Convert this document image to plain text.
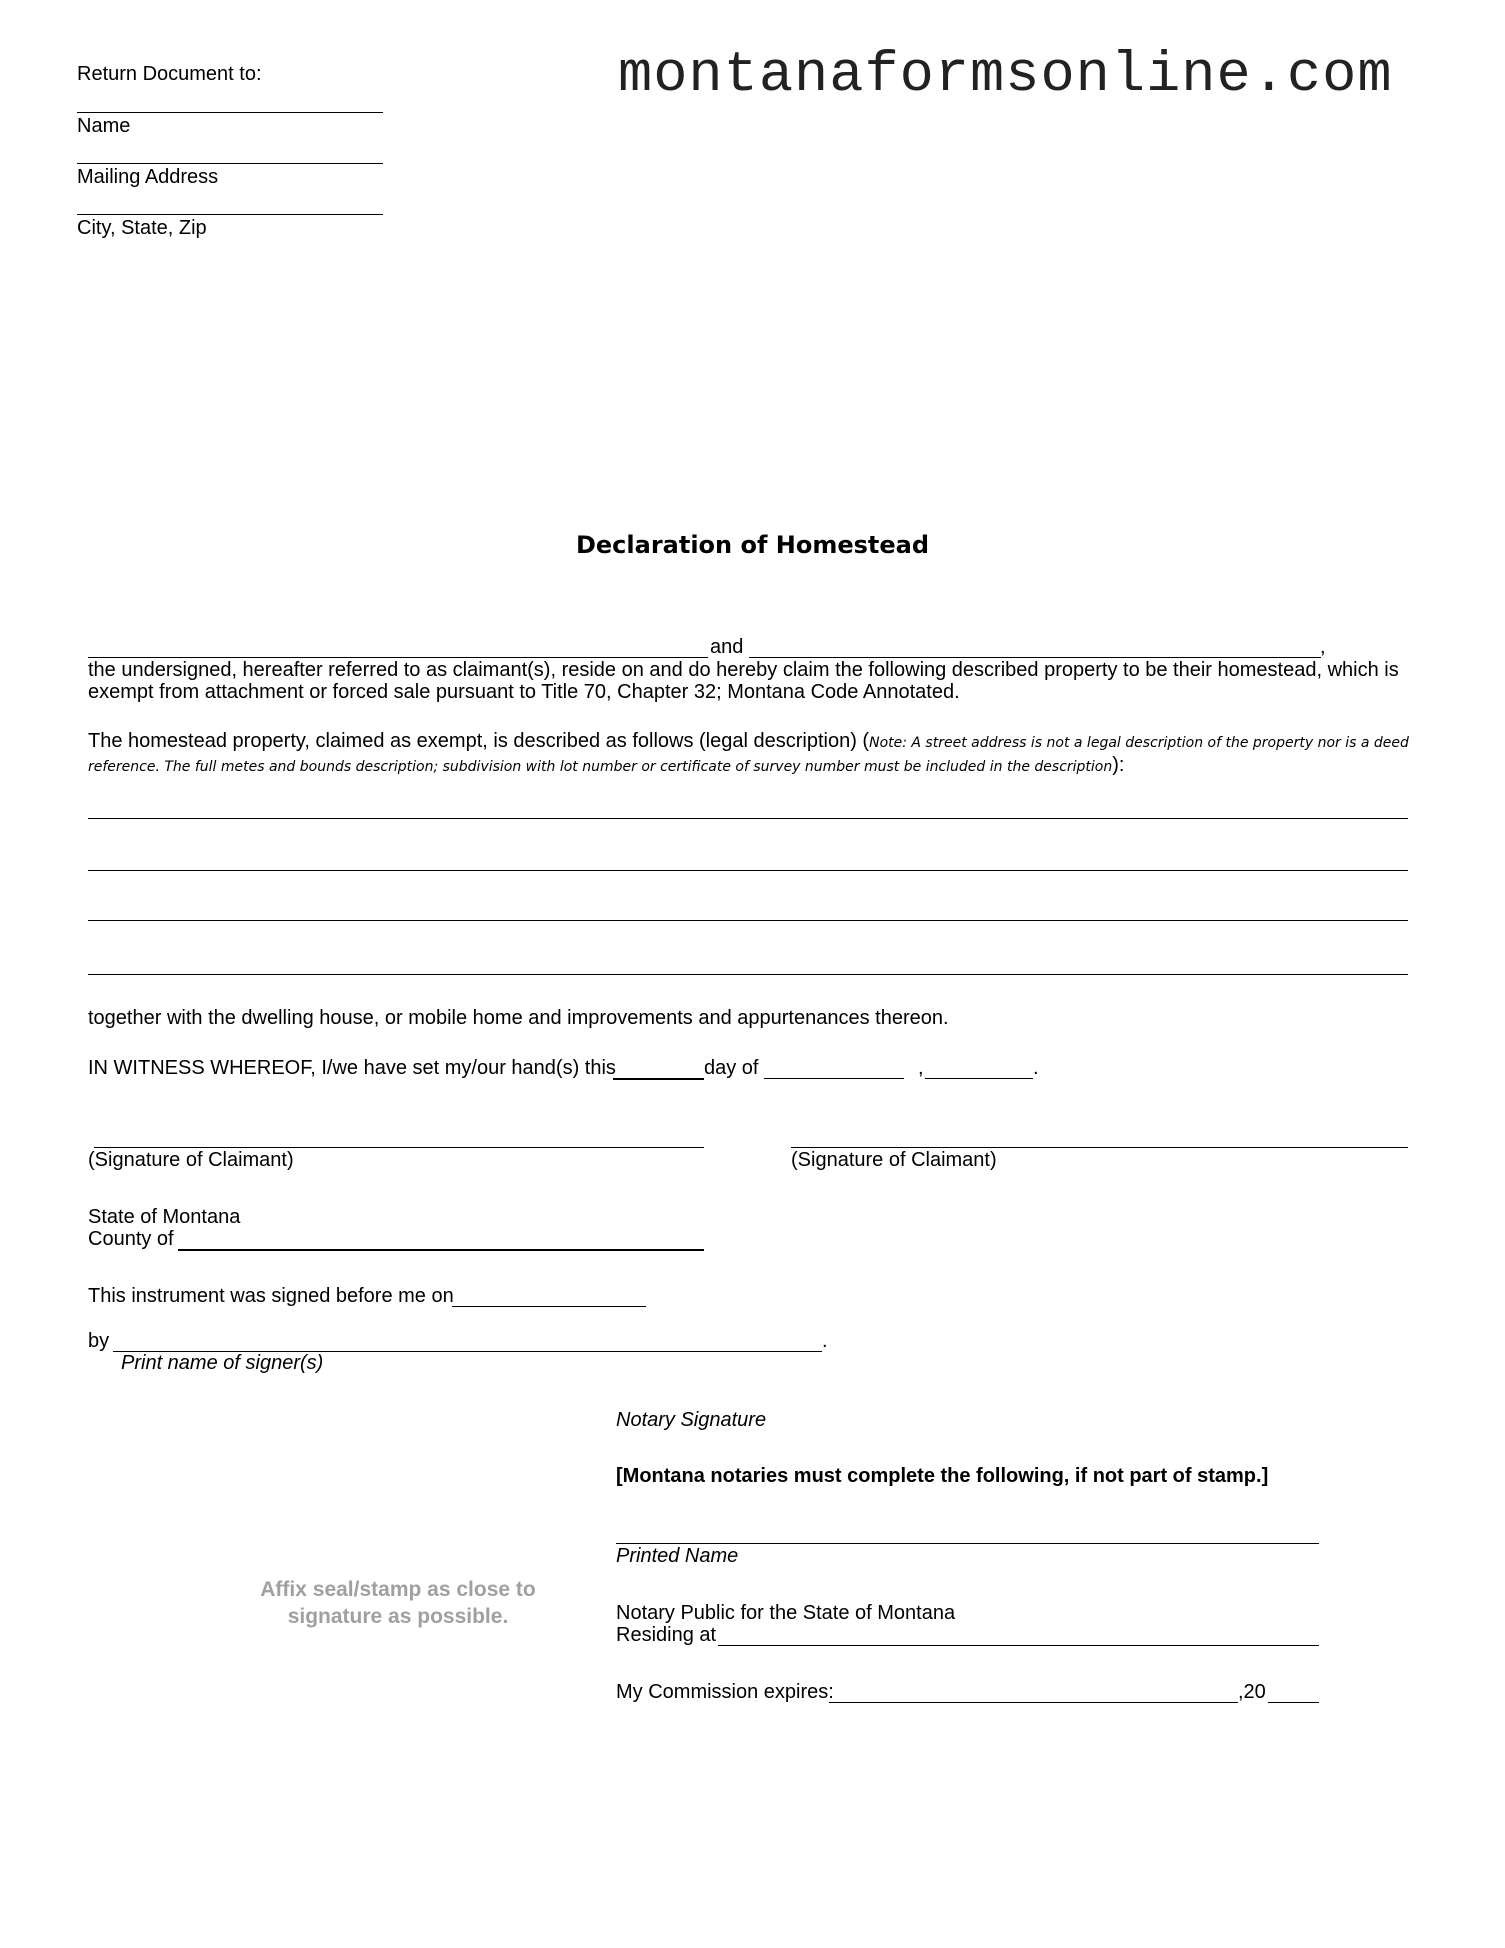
Return Document to:
Name
Mailing Address
City, State, Zip
montanaformsonline.com
Declaration of Homestead
and	,
the undersigned, hereafter referred to as claimant(s), reside on and do hereby claim the following described property to be their homestead, which is exempt from attachment or forced sale pursuant to Title 70, Chapter 32; Montana Code Annotated.
The homestead property, claimed as exempt, is described as follows (legal description) (Note: A street address is not a legal description of the property nor is a deed reference. The full metes and bounds description; subdivision with lot number or certificate of survey number must be included in the description):
together with the dwelling house, or mobile home and improvements and appurtenances thereon.
IN WITNESS WHEREOF, I/we have set my/our hand(s) this	day of	,	.
(Signature of Claimant)	(Signature of Claimant)
State of Montana
County of
This instrument was signed before me on
by	.
Print name of signer(s)
Notary Signature
[Montana notaries must complete the following, if not part of stamp.]
Printed Name
Affix seal/stamp as close to
signature as possible.	Notary Public for the State of Montana
Residing at
My Commission expires:	,20
